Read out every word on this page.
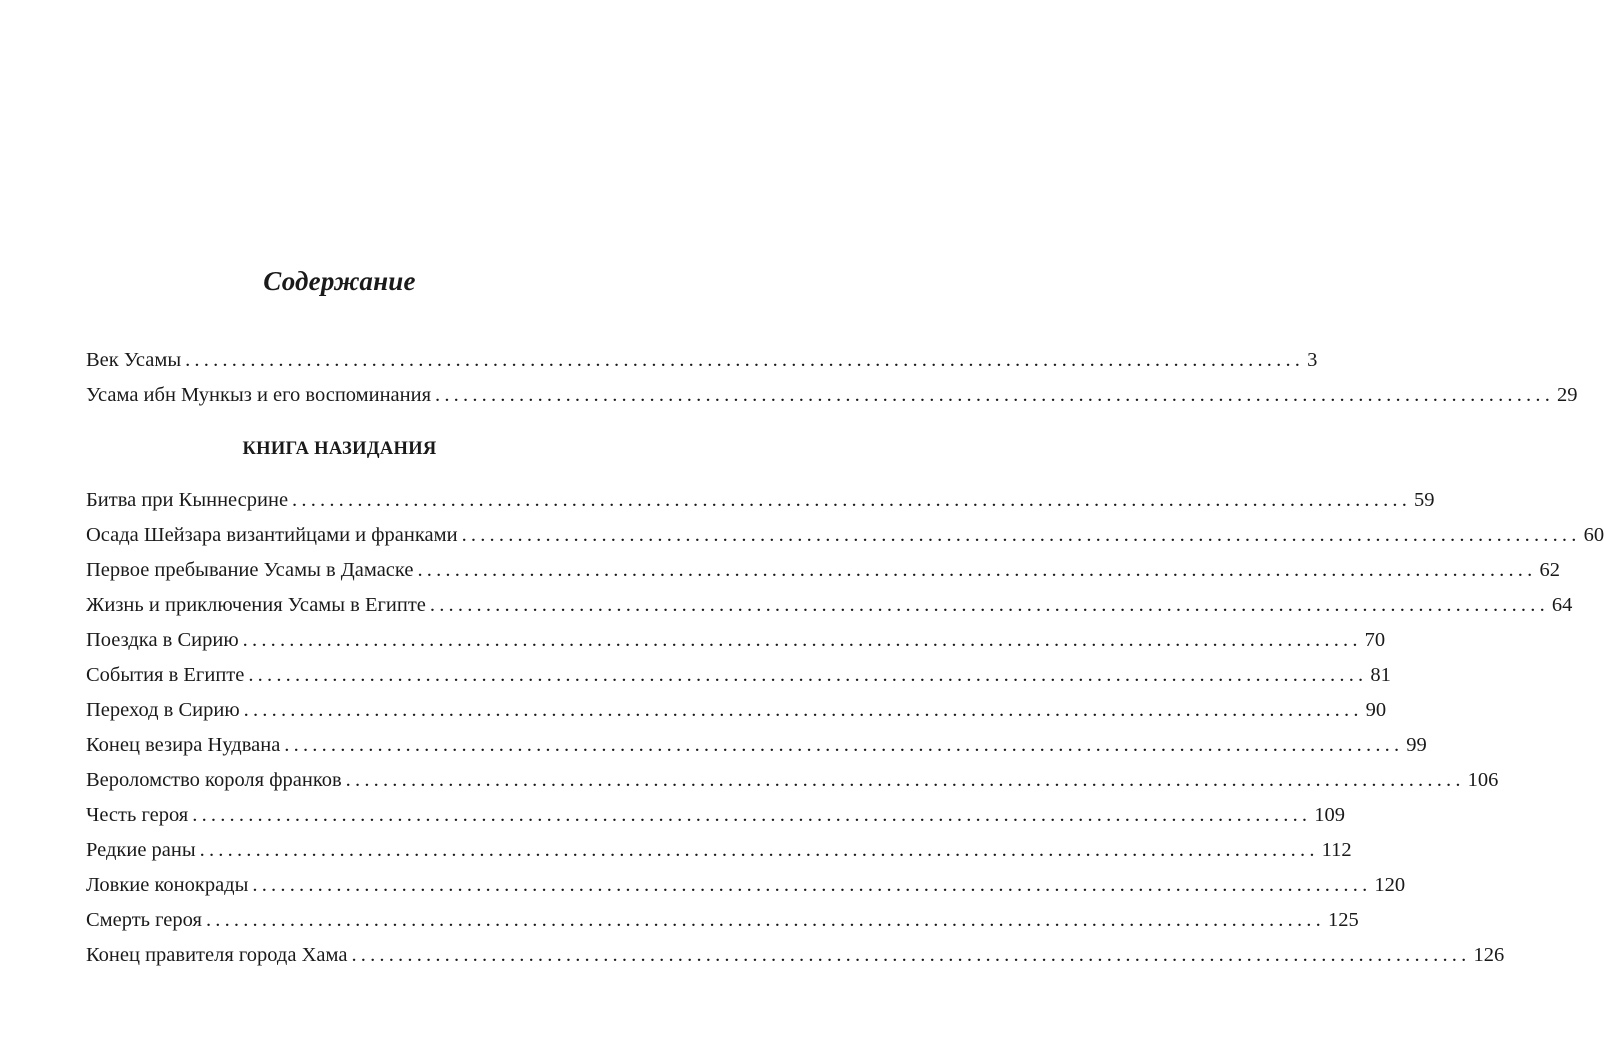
Содержание
Век Усамы ........................................................................................................................ 3
Усама ибн Мункыз и его воспоминания ........................................................................................................................ 29
КНИГА НАЗИДАНИЯ
Битва при Кыннесрине ........................................................................................................................ 59
Осада Шейзара византийцами и франками ........................................................................................................................ 60
Первое пребывание Усамы в Дамаске ........................................................................................................................ 62
Жизнь и приключения Усамы в Египте ........................................................................................................................ 64
Поездка в Сирию ........................................................................................................................ 70
События в Египте ........................................................................................................................ 81
Переход в Сирию ........................................................................................................................ 90
Конец везира Нудвана ........................................................................................................................ 99
Вероломство короля франков ........................................................................................................................ 106
Честь героя ........................................................................................................................ 109
Редкие раны ........................................................................................................................ 112
Ловкие конокрады ........................................................................................................................ 120
Смерть героя ........................................................................................................................ 125
Конец правителя города Хама ........................................................................................................................ 126
